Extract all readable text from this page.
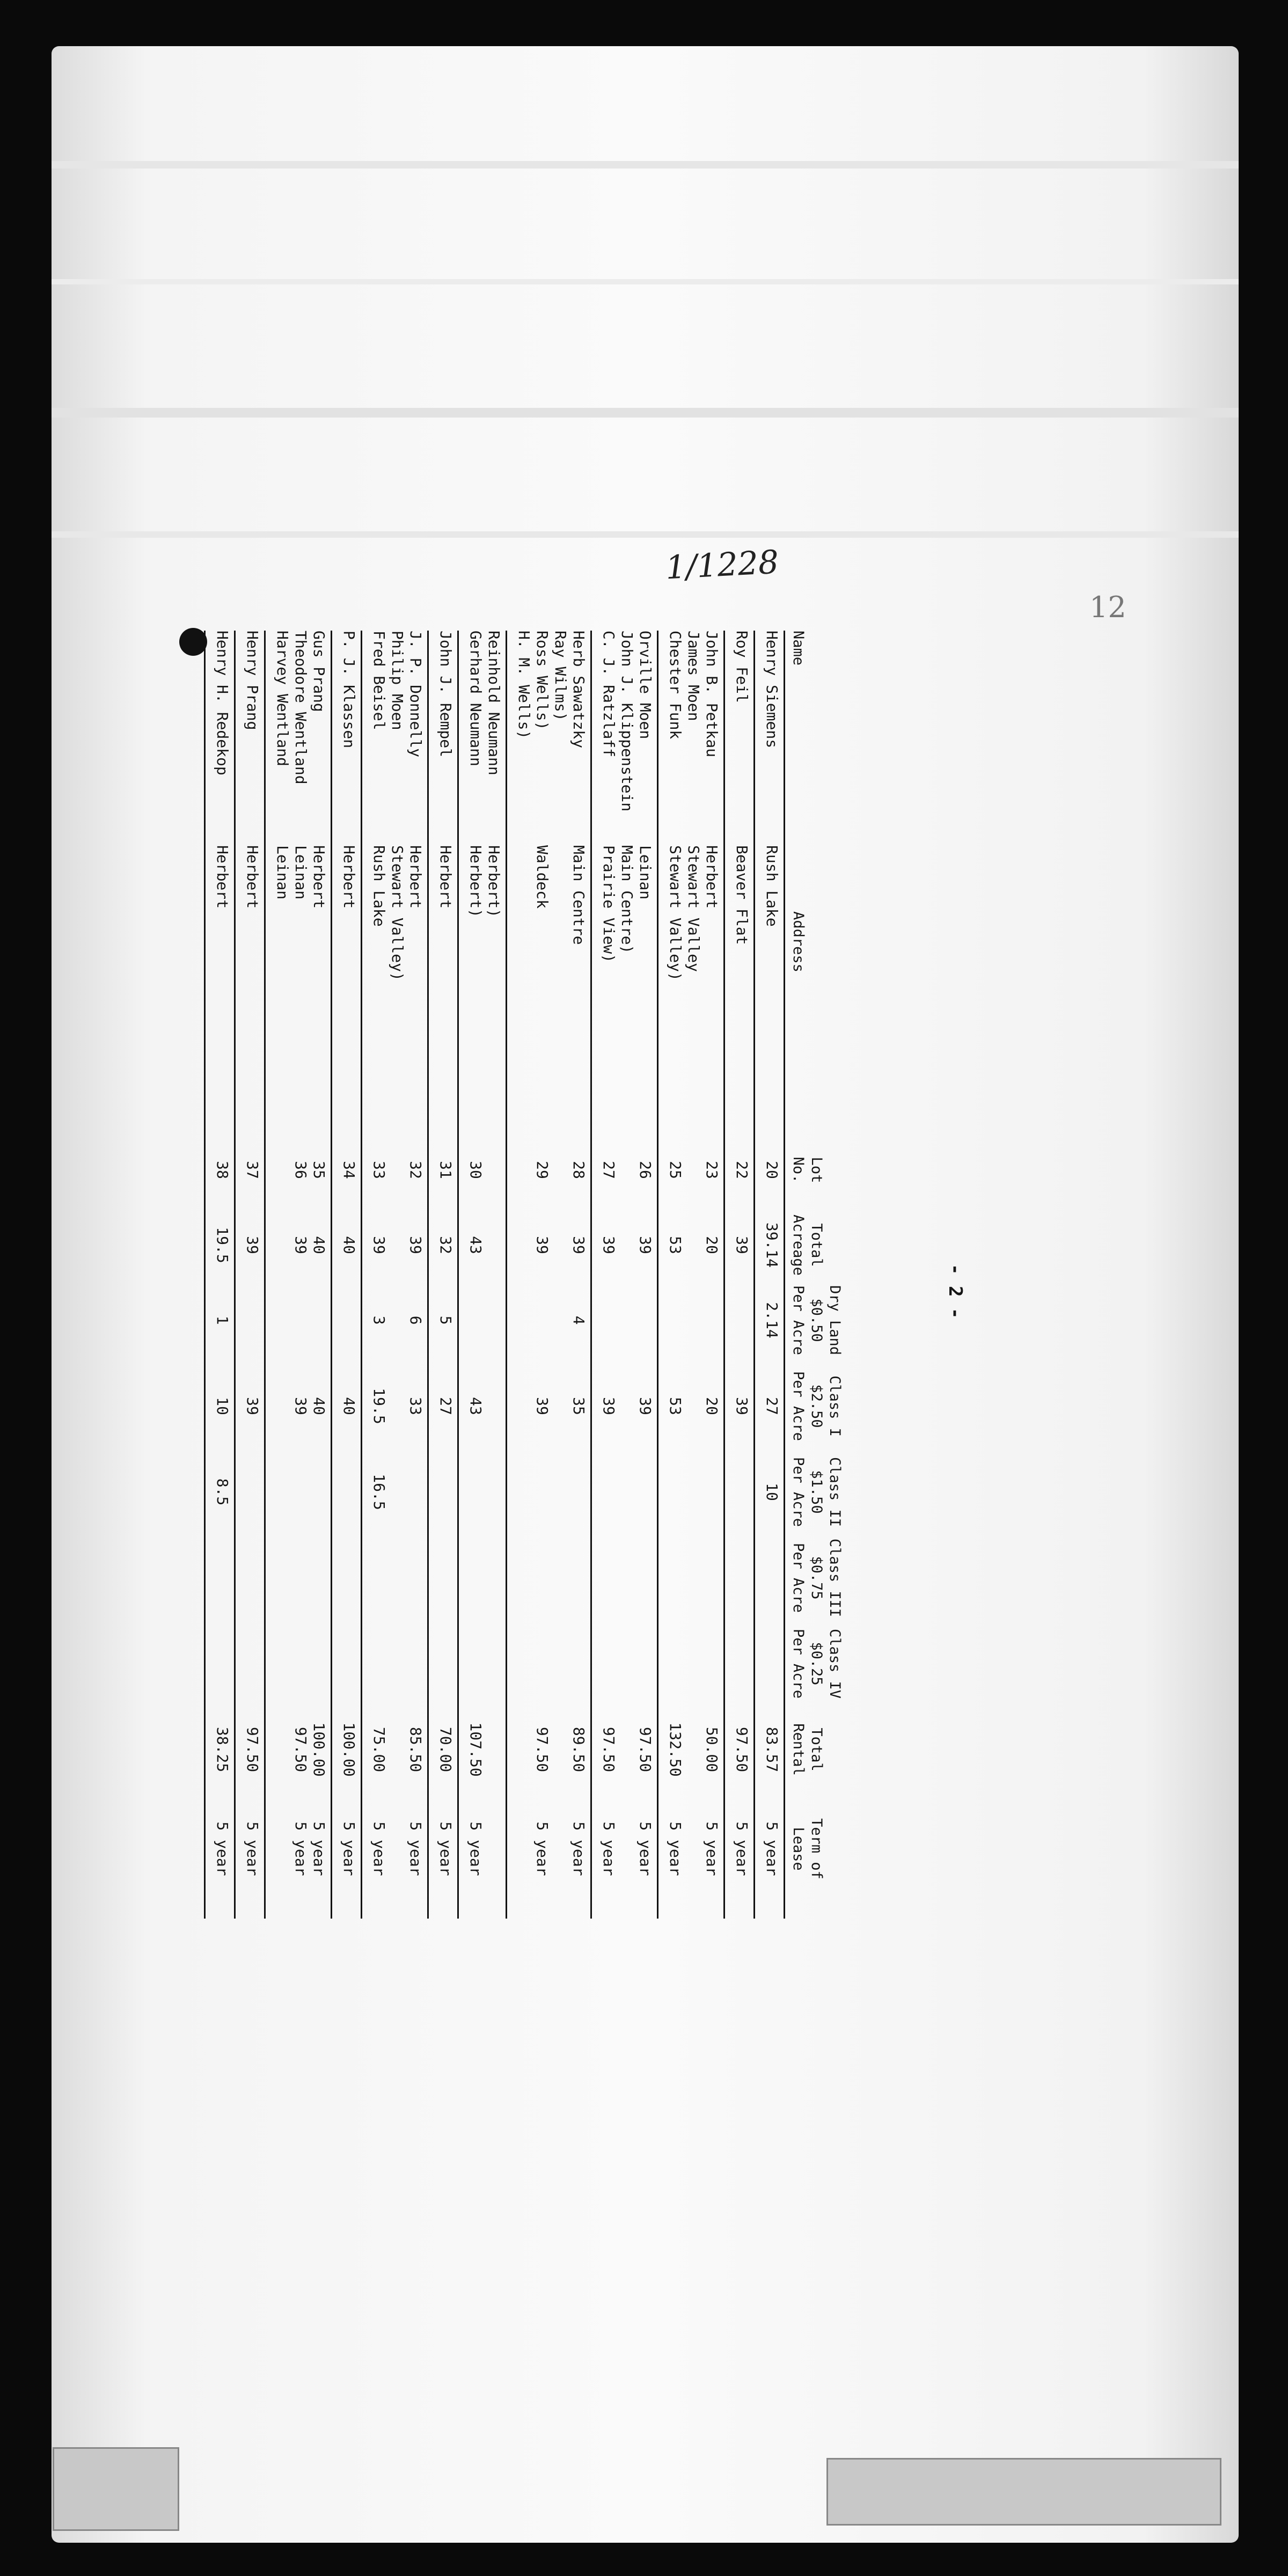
1/1228
12
Name
Address
Lot
No.
Total
Acreage
Dry Land
$0.50
Per Acre
Class I
$2.50
Per Acre
Class II
$1.50
Per Acre
Class III
$0.75
Per Acre
Class IV
$0.25
Per Acre
Total
Rental
Term of
Lease
Henry Siemens
Rush Lake
20
39.14
2.14
27
10
83.57
5 year
Roy Feil
Beaver Flat
22
39
39
97.50
5 year
John B. Petkau
James Moen
Chester Funk
Herbert
Stewart Valley
Stewart Valley)
23

25
20

53
20

53
50.00

132.50
5 year

5 year
Orville Moen
John J. Klippenstein
C. J. Ratzlaff
Leinan
Main Centre)
Prairie View)
26

27
39

39
39

39
97.50

97.50
5 year

5 year
Herb Sawatzky
Ray Wilms)
Ross Wells)
H. M. Wells)
Main Centre

Waldeck
28

29
39

39
4
35

39
89.50

97.50
5 year

5 year
Reinhold Neumann
Gerhard Neumann
Herbert)
Herbert)

30

43

43

107.50

5 year
John J. Rempel
Herbert
31
32
5
27
70.00
5 year
J. P. Donnelly
Philip Moen
Fred Beisel
Herbert
Stewart Valley)
Rush Lake
32

33
39

39
6

3
33

19.5

16.5
85.50

75.00
5 year

5 year
P. J. Klassen
Herbert
34
40
40
100.00
5 year
Gus Prang
Theodore Wentland
Harvey Wentland
Herbert
Leinan
Leinan
35
36
40
39
40
39
100.00
97.50
5 year
5 year
Henry Prang
Herbert
37
39
39
97.50
5 year
Henry H. Redekop
Herbert
38
19.5
1
10
8.5
38.25
5 year
- 2 -
